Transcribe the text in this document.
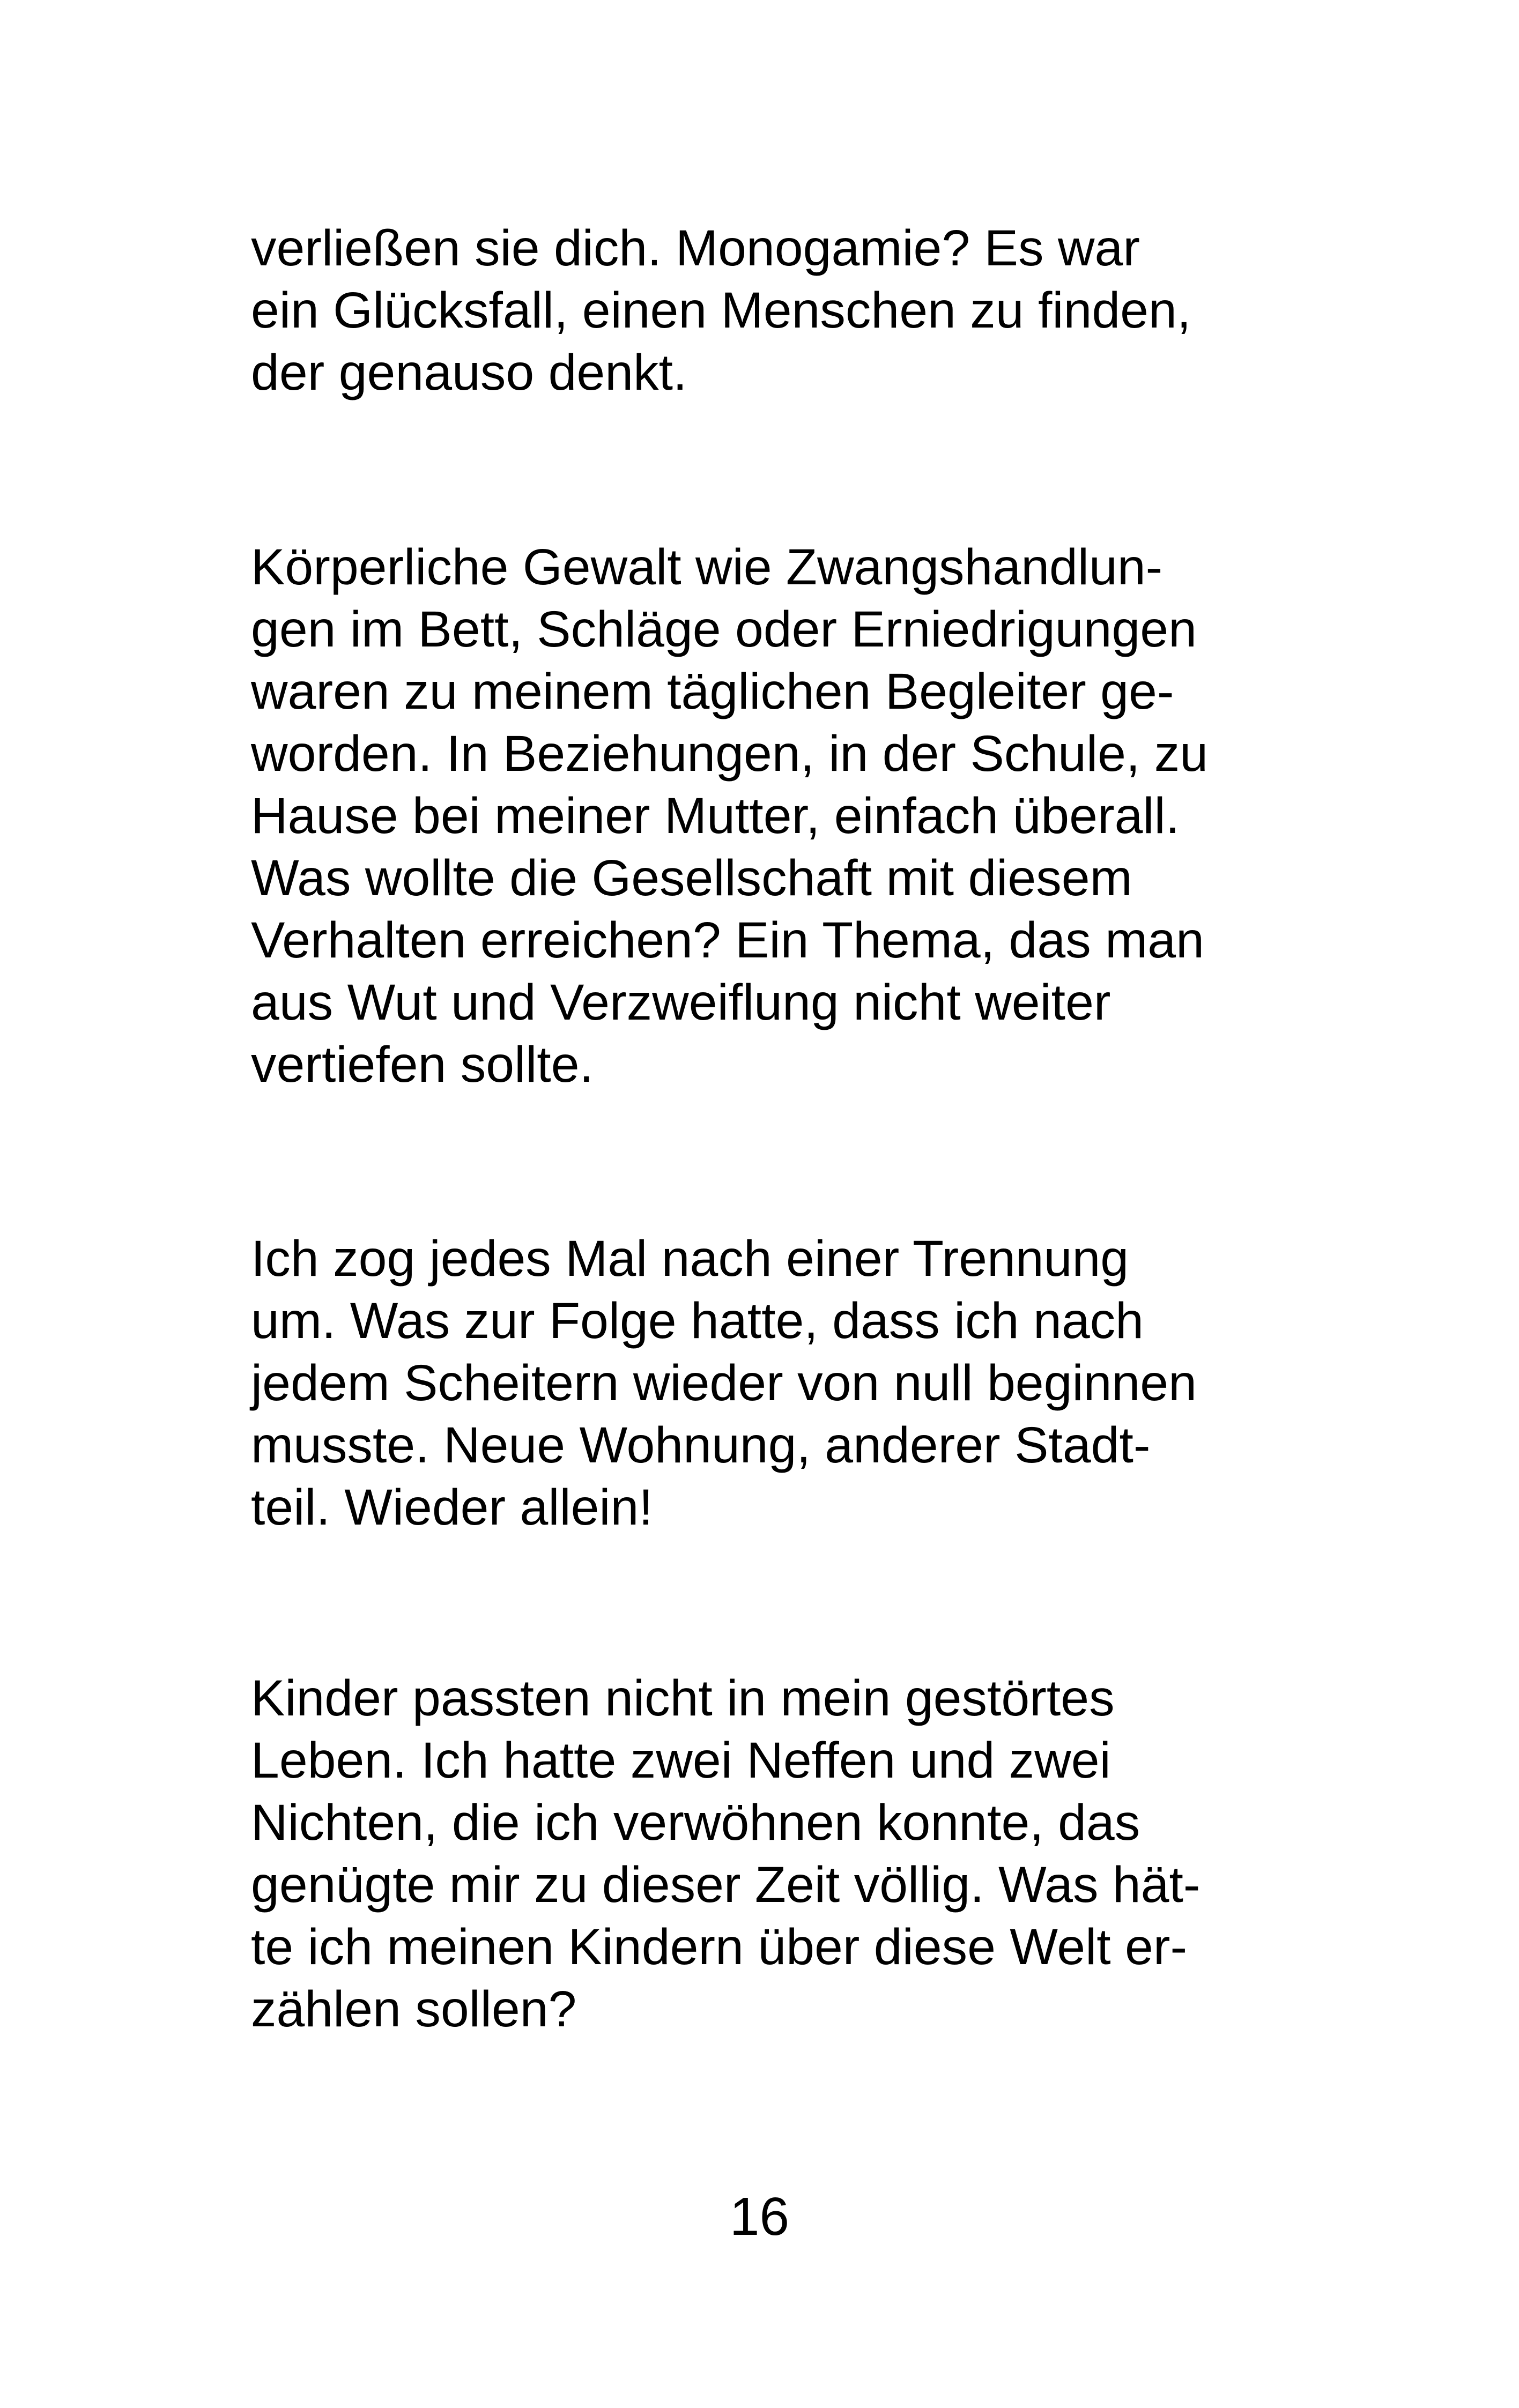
verließen sie dich. Monogamie? Es war
ein Glücksfall, einen Menschen zu finden,
der genauso denkt.
Körperliche Gewalt wie Zwangshandlun-
gen im Bett, Schläge oder Erniedrigungen
waren zu meinem täglichen Begleiter ge-
worden. In Beziehungen, in der Schule, zu
Hause bei meiner Mutter, einfach überall.
Was wollte die Gesellschaft mit diesem
Verhalten erreichen? Ein Thema, das man
aus Wut und Verzweiflung nicht weiter
vertiefen sollte.
Ich zog jedes Mal nach einer Trennung
um. Was zur Folge hatte, dass ich nach
jedem Scheitern wieder von null beginnen
musste. Neue Wohnung, anderer Stadt-
teil. Wieder allein!
Kinder passten nicht in mein gestörtes
Leben. Ich hatte zwei Neffen und zwei
Nichten, die ich verwöhnen konnte, das
genügte mir zu dieser Zeit völlig. Was hät-
te ich meinen Kindern über diese Welt er-
zählen sollen?
16
